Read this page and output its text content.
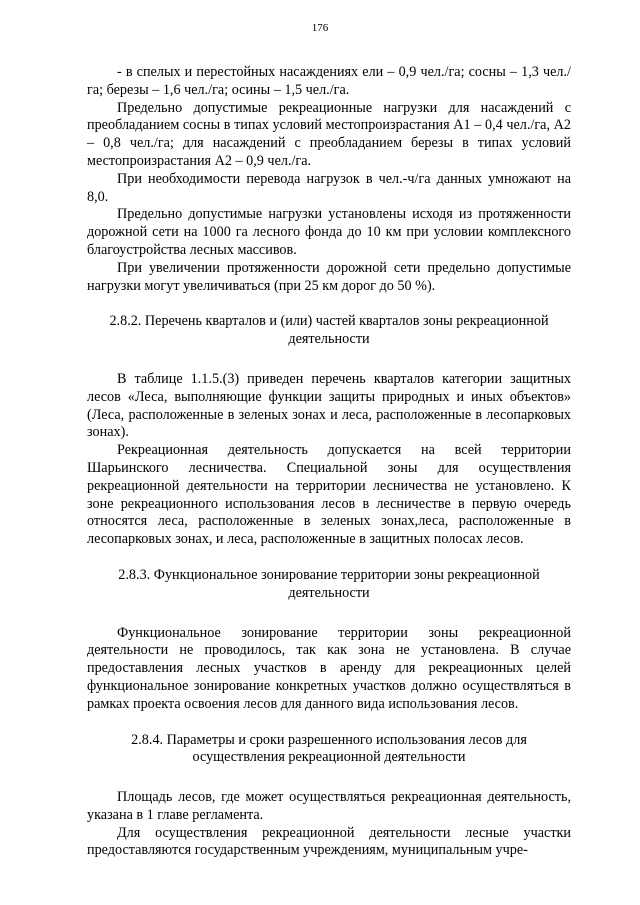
176

- в спелых и перестойных насаждениях ели – 0,9 чел./га; сосны – 1,3 чел./га; березы – 1,6 чел./га; осины – 1,5 чел./га.

Предельно допустимые рекреационные нагрузки для насаждений с преобладанием сосны в типах условий местопроизрастания А1 – 0,4 чел./га, А2 – 0,8 чел./га; для насаждений с преобладанием березы в типах условий местопроизрастания А2 – 0,9 чел./га.

При необходимости перевода нагрузок в чел.-ч/га данных умножают на 8,0.

Предельно допустимые нагрузки установлены исходя из протяженности дорожной сети на 1000 га лесного фонда до 10 км при условии комплексного благоустройства лесных массивов.

При увеличении протяженности дорожной сети предельно допустимые нагрузки могут увеличиваться (при 25 км дорог до 50 %).

2.8.2. Перечень кварталов и (или) частей кварталов зоны рекреационной деятельности

В таблице 1.1.5.(3) приведен перечень кварталов категории защитных лесов «Леса, выполняющие функции защиты природных и иных объектов» (Леса, расположенные в зеленых зонах и леса, расположенные в лесопарковых зонах).

Рекреационная деятельность допускается на всей территории Шарьинского лесничества. Специальной зоны для осуществления рекреационной деятельности на территории лесничества не установлено. К зоне рекреационного использования лесов в лесничестве в первую очередь относятся леса, расположенные в зеленых зонах,леса, расположенные в лесопарковых зонах, и леса, расположенные в защитных полосах лесов.

2.8.3. Функциональное зонирование территории зоны рекреационной деятельности

Функциональное зонирование территории зоны рекреационной деятельности не проводилось, так как зона не установлена. В случае предоставления лесных участков в аренду для рекреационных целей функциональное зонирование конкретных участков должно осуществляться в рамках проекта освоения лесов для данного вида использования лесов.

2.8.4. Параметры и сроки разрешенного использования лесов для осуществления рекреационной деятельности

Площадь лесов, где может осуществляться рекреационная деятельность, указана в 1 главе регламента.

Для осуществления рекреационной деятельности лесные участки предоставляются государственным учреждениям, муниципальным учре-
